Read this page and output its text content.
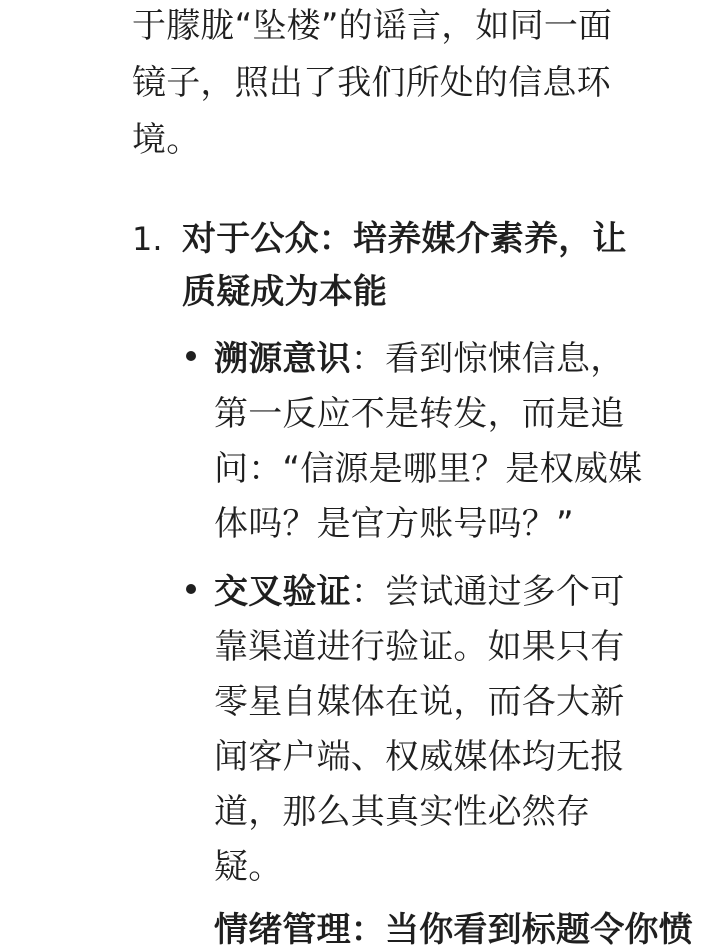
于朦胧“坠楼”的谣言，如同一面
镜子，照出了我们所处的信息环
境。
1. 对于公众：培养媒介素养，让
质疑成为本能
溯源意识：看到惊悚信息，
第一反应不是转发，而是追
问：“信源是哪里？是权威媒
体吗？是官方账号吗？”
交叉验证：尝试通过多个可
靠渠道进行验证。如果只有
零星自媒体在说，而各大新
闻客户端、权威媒体均无报
道，那么其真实性必然存
疑。
情绪管理：当你看到标题令你愤
